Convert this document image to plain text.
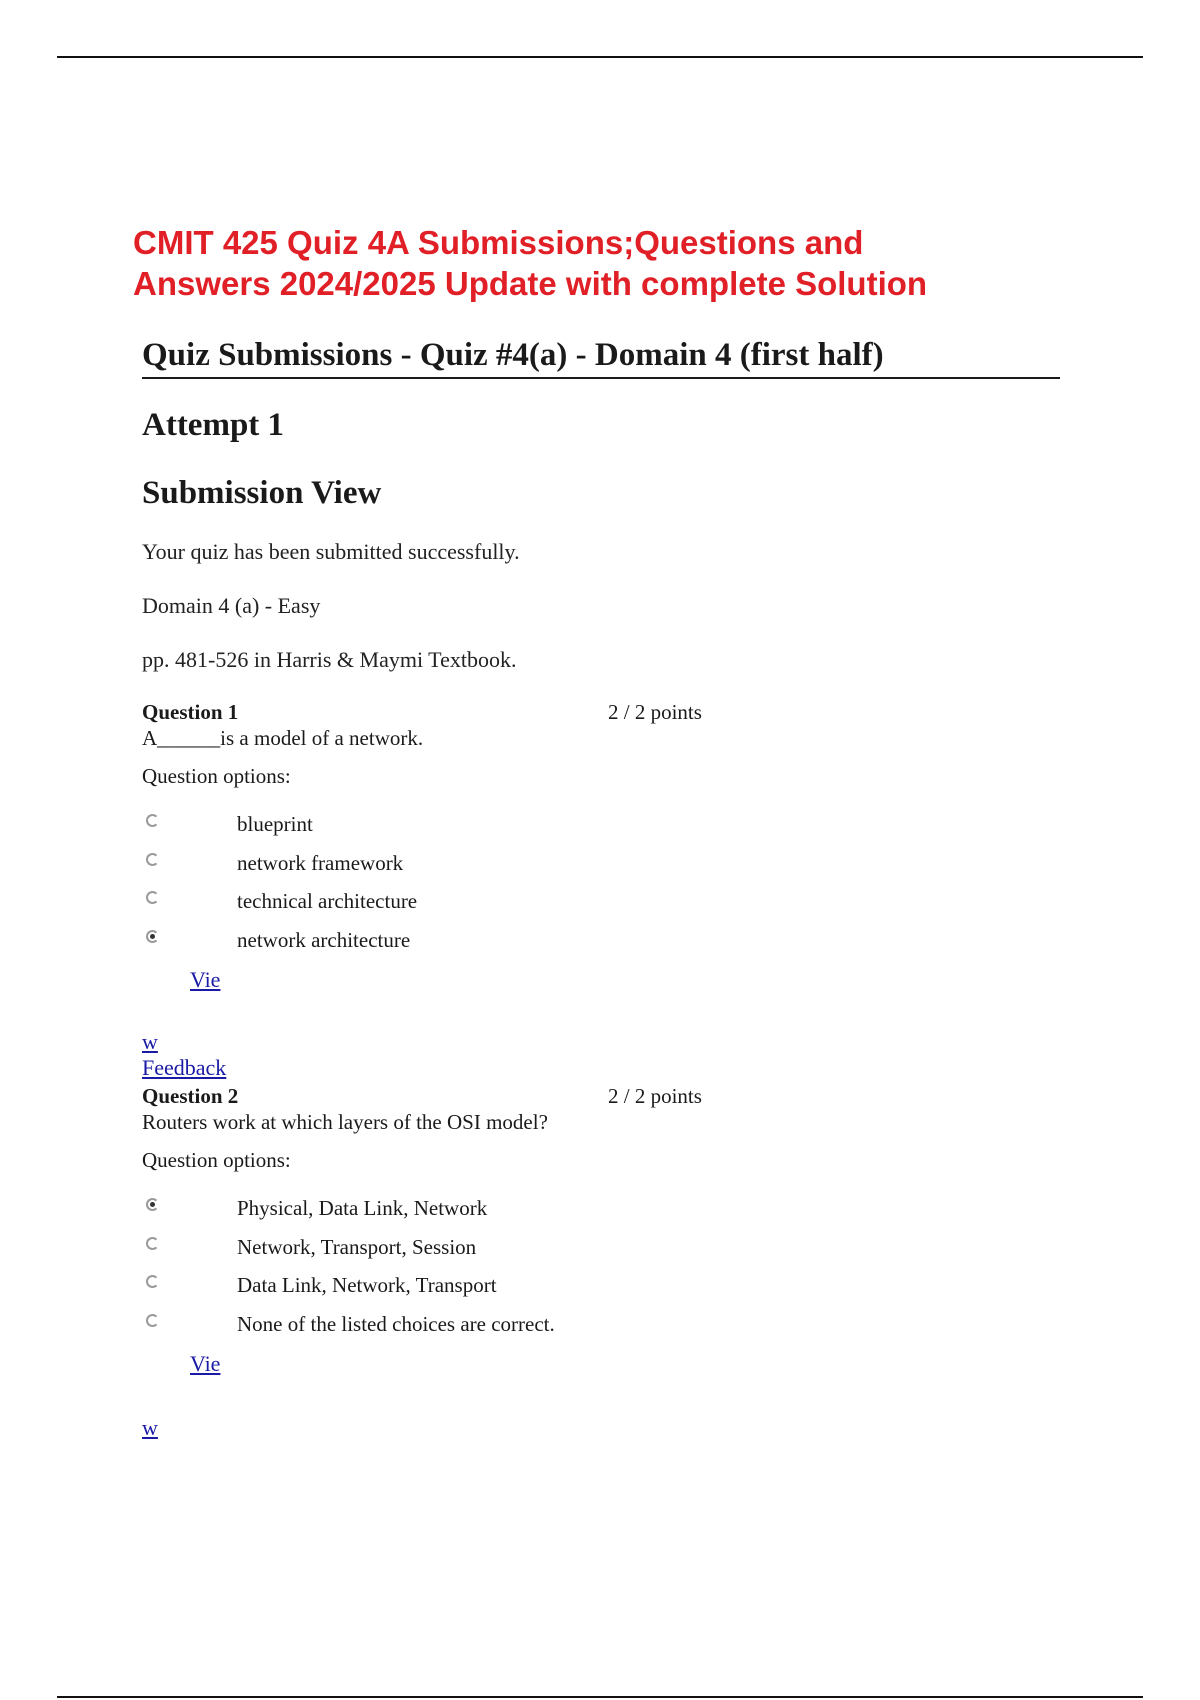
CMIT 425 Quiz 4A Submissions;Questions and
Answers 2024/2025 Update with complete Solution
Quiz Submissions - Quiz #4(a) - Domain 4 (first half)
Attempt 1
Submission View

Your quiz has been submitted successfully.

Domain 4 (a) - Easy

pp. 481-526 in Harris & Maymi Textbook.

Question 1	2 / 2 points
A______is a model of a network.
Question options:
blueprint
network framework
technical architecture
network architecture
Vie
w
Feedback
Question 2	2 / 2 points
Routers work at which layers of the OSI model?
Question options:
Physical, Data Link, Network
Network, Transport, Session
Data Link, Network, Transport
None of the listed choices are correct.
Vie
w
